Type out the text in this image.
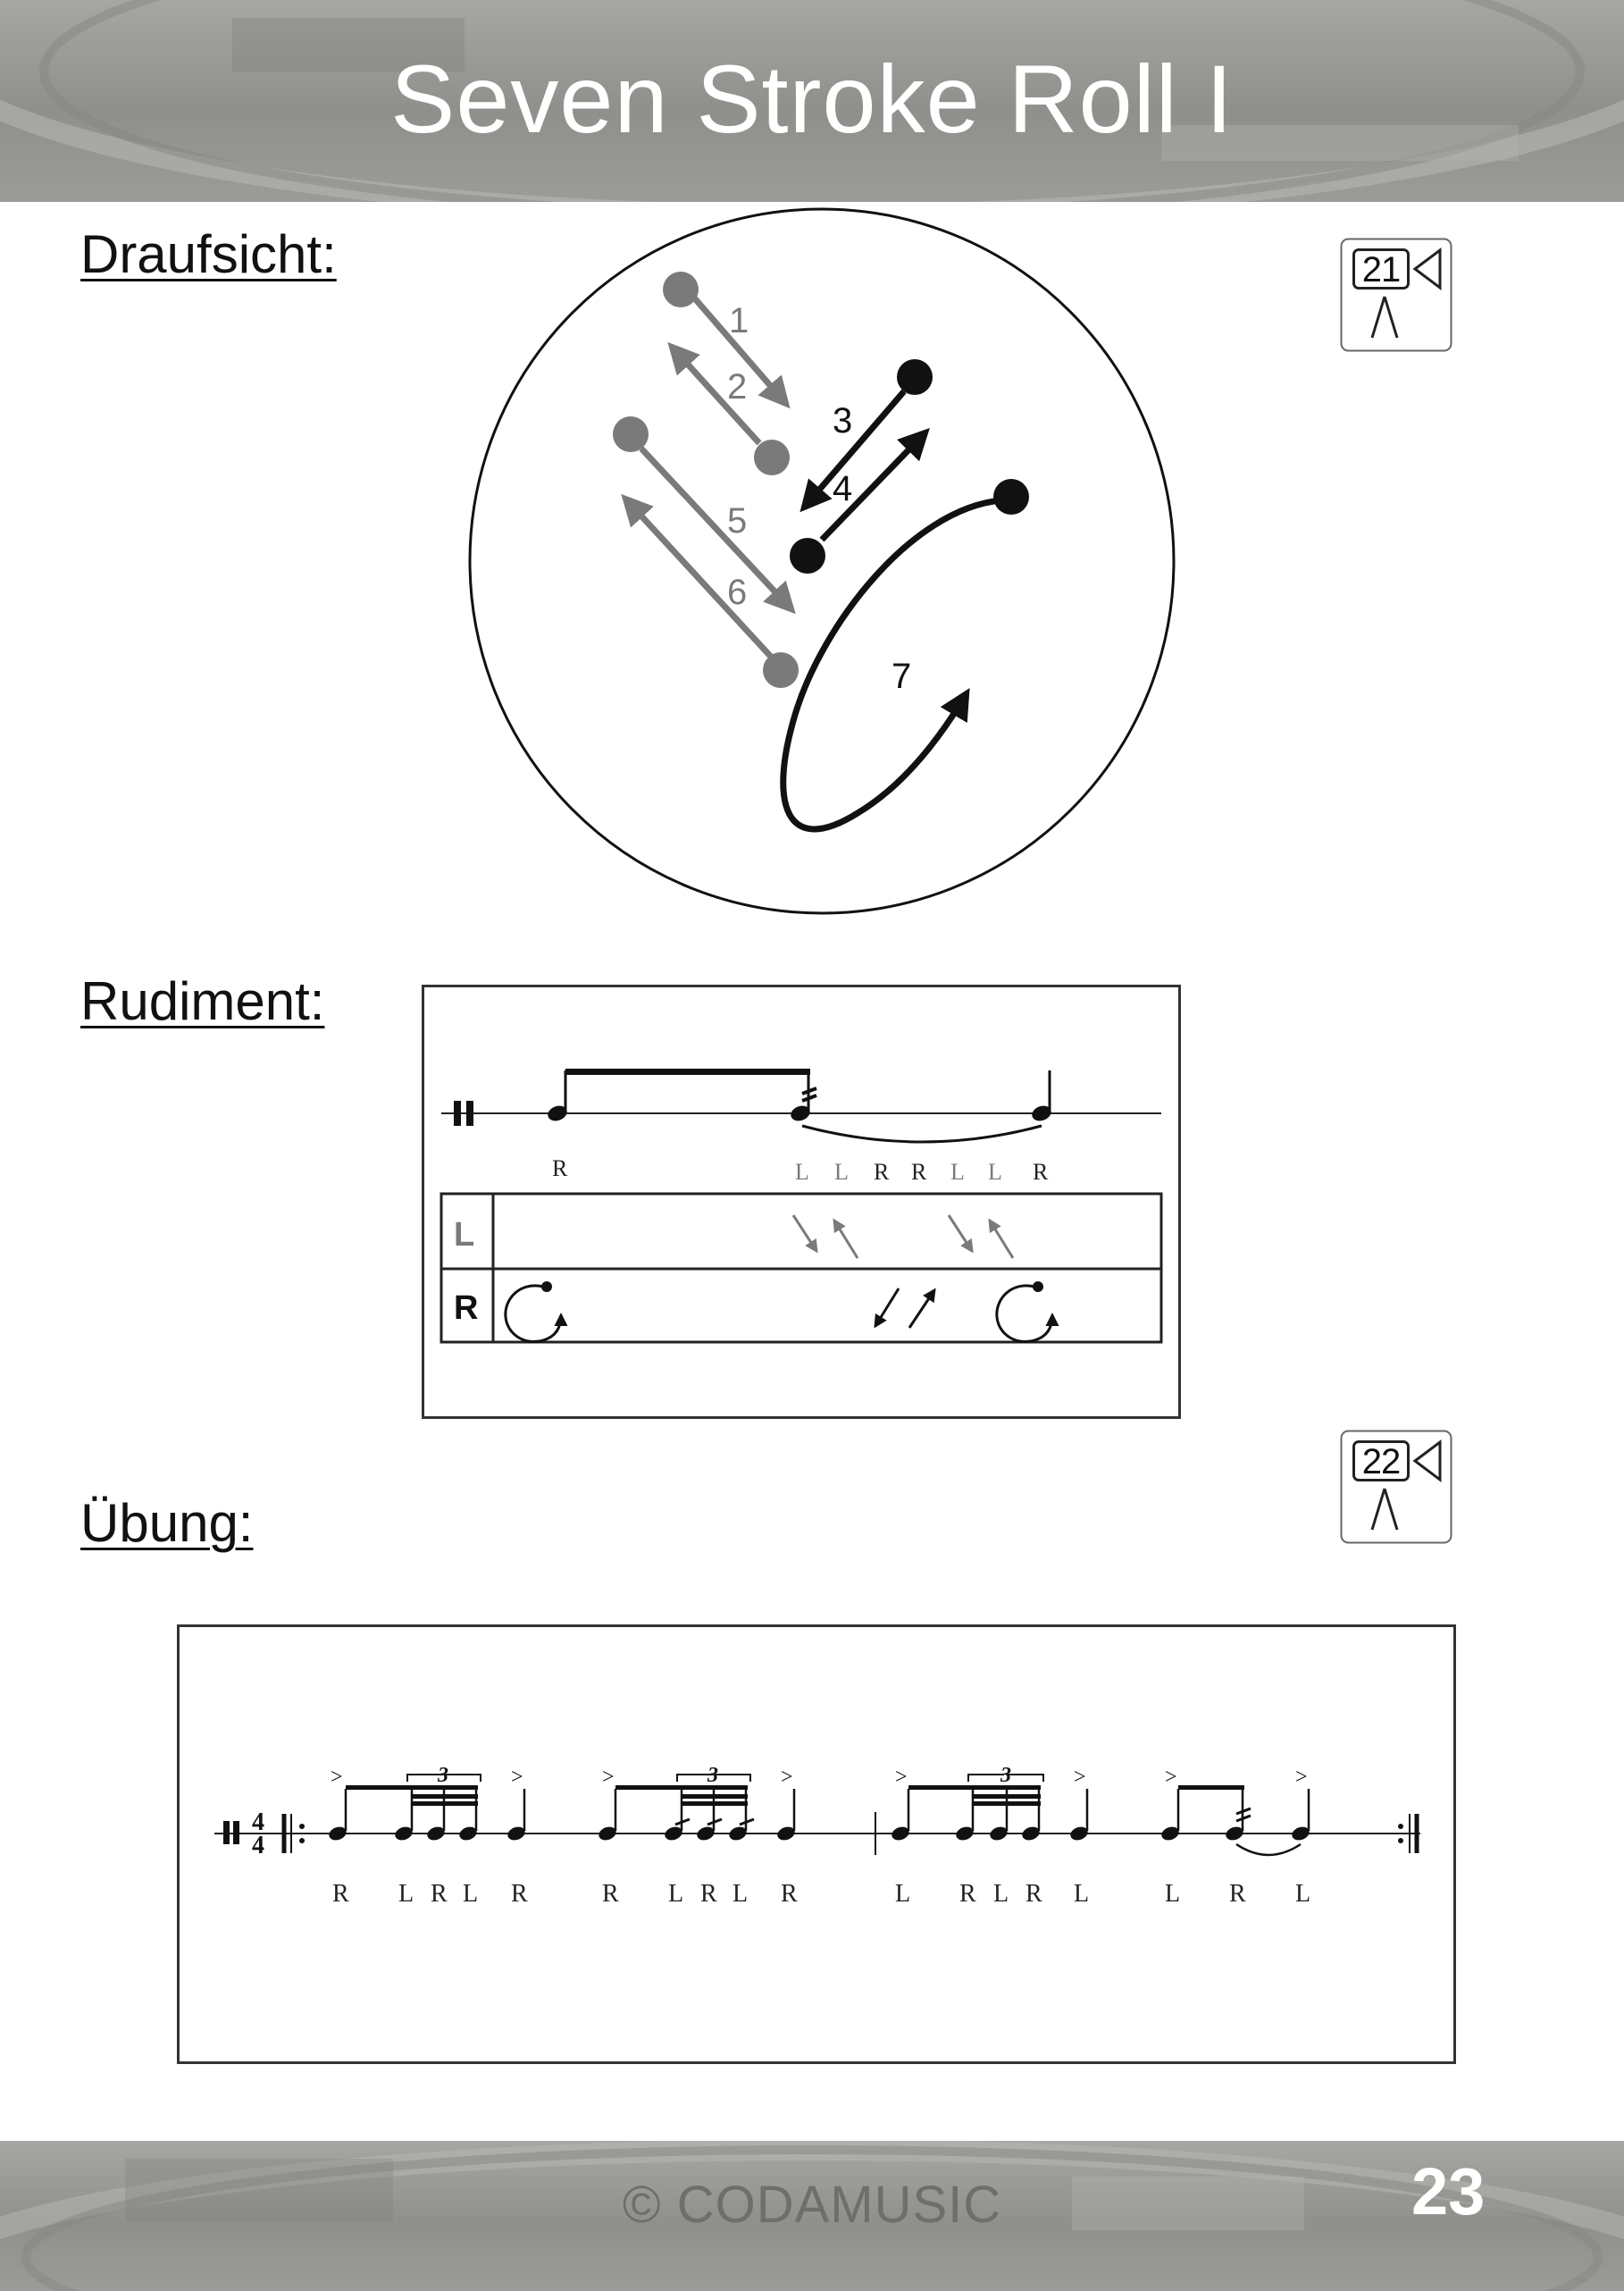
Seven Stroke Roll I
Draufsicht:	21
1
2
3
4
5
6
7
Rudiment:
R	L L R R L L R
L
R
Übung:
22
4
4
>	3	>	>	3	>	>	3	>	>	>
R L R L R	R L R L R	L R L R L	L R L
© CODAMUSIC	23
